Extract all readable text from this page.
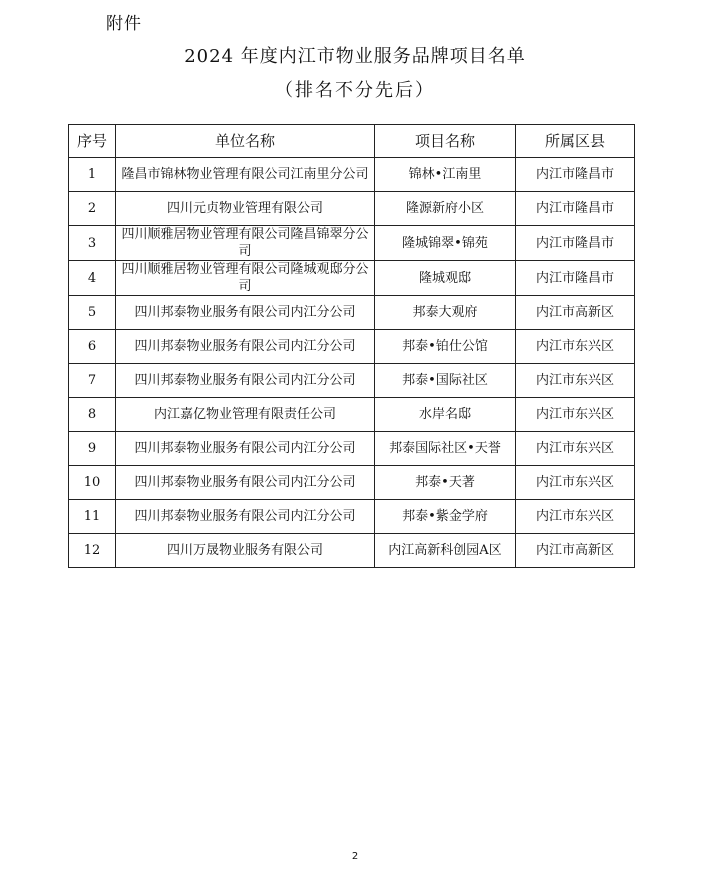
附件
2024 年度内江市物业服务品牌项目名单
（排名不分先后）
序号	单位名称	项目名称	所属区县
1	隆昌市锦林物业管理有限公司江南里分公司	锦林•江南里	内江市隆昌市
2	四川元贞物业管理有限公司	隆源新府小区	内江市隆昌市
3	四川顺雅居物业管理有限公司隆昌锦翠分公司	隆城锦翠•锦苑	内江市隆昌市
4	四川顺雅居物业管理有限公司隆城观邸分公司	隆城观邸	内江市隆昌市
5	四川邦泰物业服务有限公司内江分公司	邦泰大观府	内江市高新区
6	四川邦泰物业服务有限公司内江分公司	邦泰•铂仕公馆	内江市东兴区
7	四川邦泰物业服务有限公司内江分公司	邦泰•国际社区	内江市东兴区
8	内江嘉亿物业管理有限责任公司	水岸名邸	内江市东兴区
9	四川邦泰物业服务有限公司内江分公司	邦泰国际社区•天誉	内江市东兴区
10	四川邦泰物业服务有限公司内江分公司	邦泰•天著	内江市东兴区
11	四川邦泰物业服务有限公司内江分公司	邦泰•紫金学府	内江市东兴区
12	四川万晟物业服务有限公司	内江高新科创园A区	内江市高新区
2
